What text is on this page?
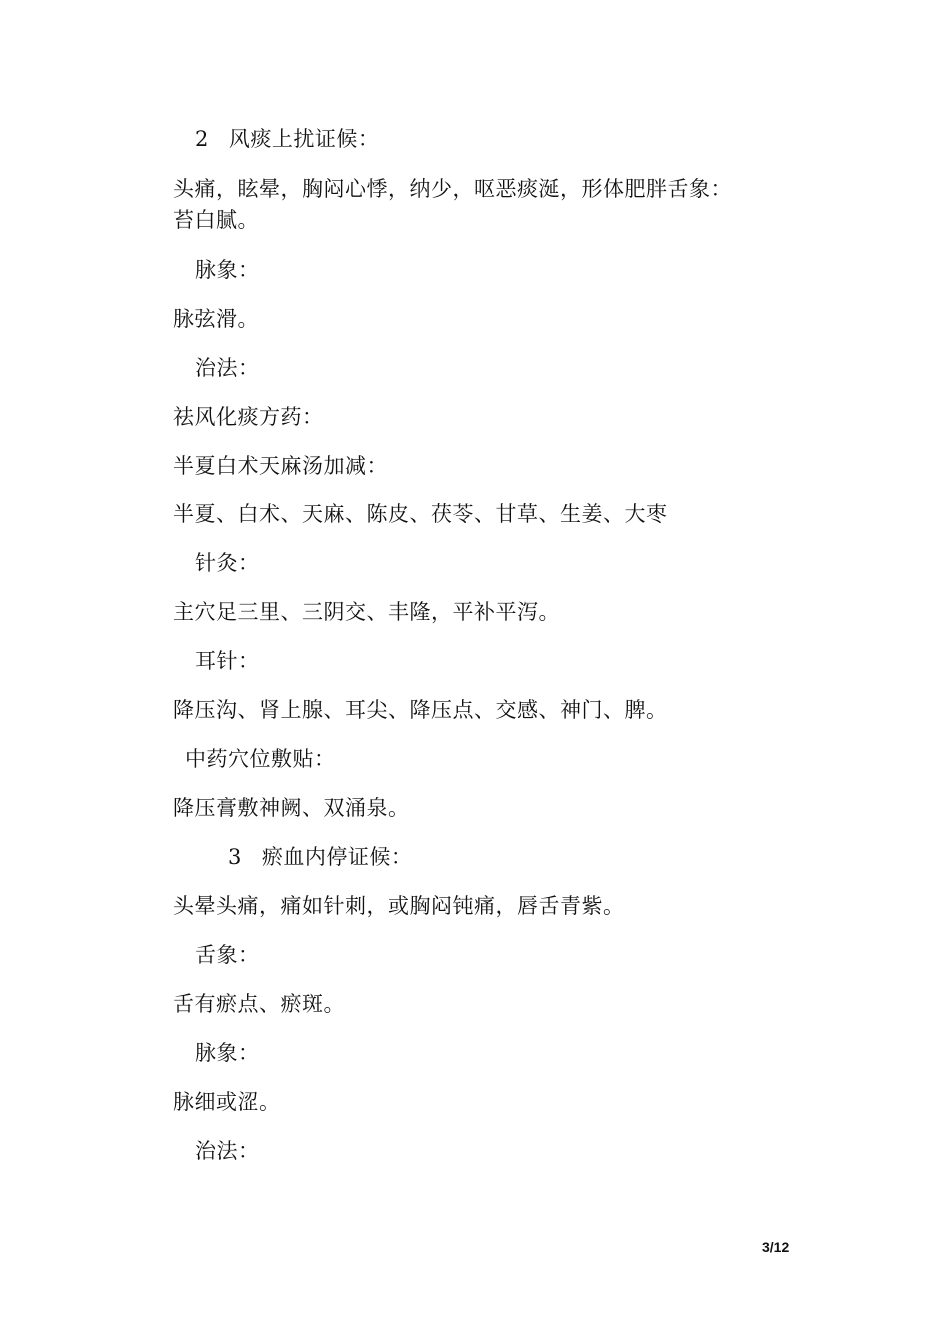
2 风痰上扰证候：
头痛，眩晕，胸闷心悸，纳少，呕恶痰涎，形体肥胖舌象：
苔白腻。
脉象：
脉弦滑。
治法：
祛风化痰方药：
半夏白术天麻汤加减：
半夏、白术、天麻、陈皮、茯苓、甘草、生姜、大枣
针灸：
主穴足三里、三阴交、丰隆，平补平泻。
耳针：
降压沟、肾上腺、耳尖、降压点、交感、神门、脾。
中药穴位敷贴：
降压膏敷神阙、双涌泉。
3 瘀血内停证候：
头晕头痛，痛如针刺，或胸闷钝痛，唇舌青紫。
舌象：
舌有瘀点、瘀斑。
脉象：
脉细或涩。
治法：
3/12
